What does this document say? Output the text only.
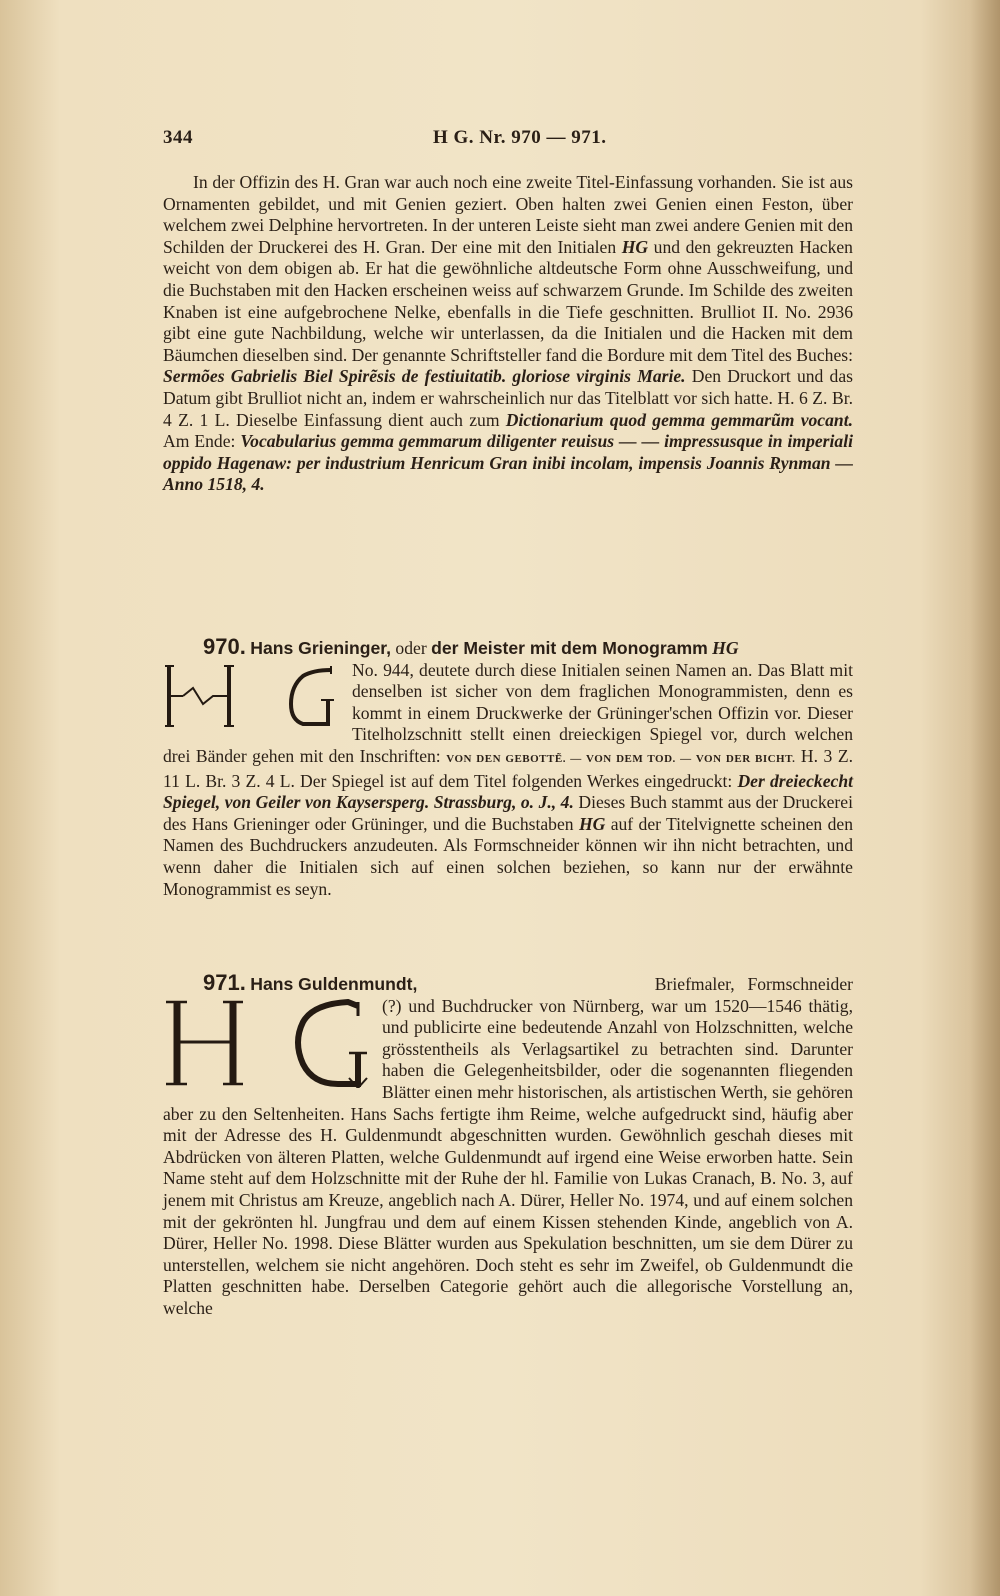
344	H G. Nr. 970 — 971.

In der Offizin des H. Gran war auch noch eine zweite Titel-Einfassung vorhanden. Sie ist aus Ornamenten gebildet, und mit Genien geziert. Oben halten zwei Genien einen Feston, über welchem zwei Delphine hervortreten. In der unteren Leiste sieht man zwei andere Genien mit den Schilden der Druckerei des H. Gran. Der eine mit den Initialen HG und den gekreuzten Hacken weicht von dem obigen ab. Er hat die gewöhnliche altdeutsche Form ohne Ausschweifung, und die Buchstaben mit den Hacken erscheinen weiss auf schwarzem Grunde. Im Schilde des zweiten Knaben ist eine aufgebrochene Nelke, ebenfalls in die Tiefe geschnitten. Brulliot II. No. 2936 gibt eine gute Nachbildung, welche wir unterlassen, da die Initialen und die Hacken mit dem Bäumchen dieselben sind. Der genannte Schriftsteller fand die Bordure mit dem Titel des Buches: Sermões Gabrielis Biel Spirẽsis de festiuitatib. gloriose virginis Marie. Den Druckort und das Datum gibt Brulliot nicht an, indem er wahrscheinlich nur das Titelblatt vor sich hatte. H. 6 Z. Br. 4 Z. 1 L. Dieselbe Einfassung dient auch zum Dictionarium quod gemma gemmarũm vocant. Am Ende: Vocabularius gemma gemmarum diligenter reuisus — — impressusque in imperiali oppido Hagenaw: per industrium Henricum Gran inibi incolam, impensis Joannis Rynman — Anno 1518, 4.

970. Hans Grieninger, oder der Meister mit dem Monogramm HG

No. 944, deutete durch diese Initialen seinen Namen an. Das Blatt mit denselben ist sicher von dem fraglichen Monogrammisten, denn es kommt in einem Druckwerke der Grüninger'schen Offizin vor. Dieser Titelholzschnitt stellt einen dreieckigen Spiegel vor, durch welchen drei Bänder gehen mit den Inschriften: VON DEN GEBOTTẼ. — VON DEM TOD. — VON DER BICHT. H. 3 Z. 11 L. Br. 3 Z. 4 L. Der Spiegel ist auf dem Titel folgenden Werkes eingedruckt: Der dreieckecht Spiegel, von Geiler von Kaysersperg. Strassburg, o. J., 4. Dieses Buch stammt aus der Druckerei des Hans Grieninger oder Grüninger, und die Buchstaben HG auf der Titelvignette scheinen den Namen des Buchdruckers anzudeuten. Als Formschneider können wir ihn nicht betrachten, und wenn daher die Initialen sich auf einen solchen beziehen, so kann nur der erwähnte Monogrammist es seyn.

971. Hans Guldenmundt,	Briefmaler, Formschneider (?) und Buchdrucker von Nürnberg, war um 1520—1546 thätig, und publicirte eine bedeutende Anzahl von Holzschnitten, welche grösstentheils als Verlagsartikel zu betrachten sind. Darunter haben die Gelegenheitsbilder, oder die sogenannten fliegenden Blätter einen mehr historischen, als artistischen Werth, sie gehören aber zu den Seltenheiten. Hans Sachs fertigte ihm Reime, welche aufgedruckt sind, häufig aber mit der Adresse des H. Guldenmundt abgeschnitten wurden. Gewöhnlich geschah dieses mit Abdrücken von älteren Platten, welche Guldenmundt auf irgend eine Weise erworben hatte. Sein Name steht auf dem Holzschnitte mit der Ruhe der hl. Familie von Lukas Cranach, B. No. 3, auf jenem mit Christus am Kreuze, angeblich nach A. Dürer, Heller No. 1974, und auf einem solchen mit der gekrönten hl. Jungfrau und dem auf einem Kissen stehenden Kinde, angeblich von A. Dürer, Heller No. 1998. Diese Blätter wurden aus Spekulation beschnitten, um sie dem Dürer zu unterstellen, welchem sie nicht angehören. Doch steht es sehr im Zweifel, ob Guldenmundt die Platten geschnitten habe. Derselben Categorie gehört auch die allegorische Vorstellung an, welche
